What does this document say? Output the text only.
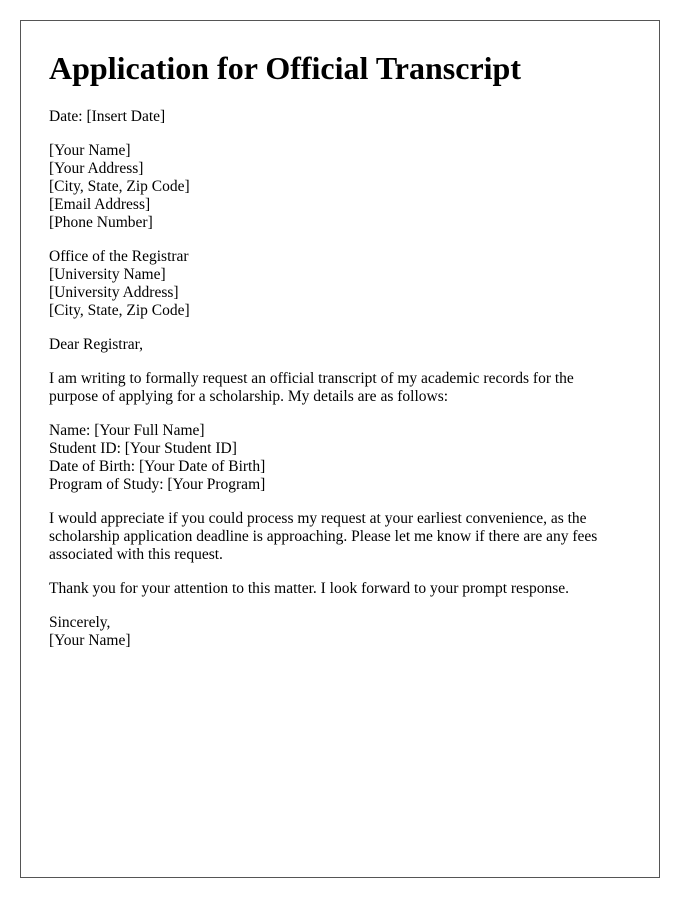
Application for Official Transcript
Date: [Insert Date]
[Your Name]
[Your Address]
[City, State, Zip Code]
[Email Address]
[Phone Number]
Office of the Registrar
[University Name]
[University Address]
[City, State, Zip Code]
Dear Registrar,
I am writing to formally request an official transcript of my academic records for the
purpose of applying for a scholarship. My details are as follows:
Name: [Your Full Name]
Student ID: [Your Student ID]
Date of Birth: [Your Date of Birth]
Program of Study: [Your Program]
I would appreciate if you could process my request at your earliest convenience, as the
scholarship application deadline is approaching. Please let me know if there are any fees
associated with this request.
Thank you for your attention to this matter. I look forward to your prompt response.
Sincerely,
[Your Name]
